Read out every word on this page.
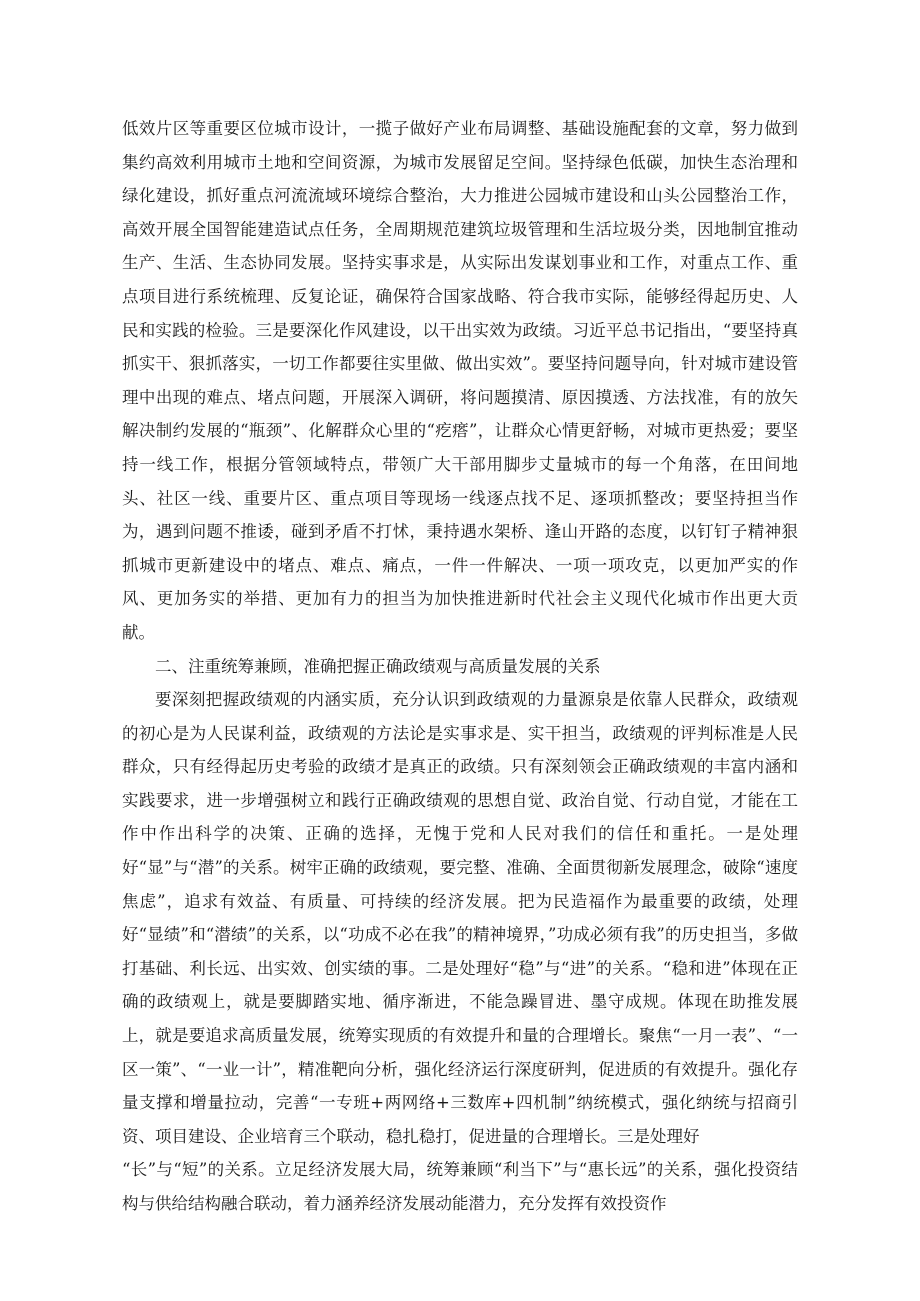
低效片区等重要区位城市设计，一揽子做好产业布局调整、基础设施配套的文章，努力做到集约高效利用城市土地和空间资源，为城市发展留足空间。坚持绿色低碳，加快生态治理和绿化建设，抓好重点河流流域环境综合整治，大力推进公园城市建设和山头公园整治工作，高效开展全国智能建造试点任务，全周期规范建筑垃圾管理和生活垃圾分类，因地制宜推动生产、生活、生态协同发展。坚持实事求是，从实际出发谋划事业和工作，对重点工作、重点项目进行系统梳理、反复论证，确保符合国家战略、符合我市实际，能够经得起历史、人民和实践的检验。三是要深化作风建设，以干出实效为政绩。习近平总书记指出，“要坚持真抓实干、狠抓落实，一切工作都要往实里做、做出实效”。要坚持问题导向，针对城市建设管理中出现的难点、堵点问题，开展深入调研，将问题摸清、原因摸透、方法找准，有的放矢解决制约发展的“瓶颈”、化解群众心里的“疙瘩”，让群众心情更舒畅，对城市更热爱；要坚持一线工作，根据分管领域特点，带领广大干部用脚步丈量城市的每一个角落，在田间地头、社区一线、重要片区、重点项目等现场一线逐点找不足、逐项抓整改；要坚持担当作为，遇到问题不推诿，碰到矛盾不打怵，秉持遇水架桥、逢山开路的态度，以钉钉子精神狠抓城市更新建设中的堵点、难点、痛点，一件一件解决、一项一项攻克，以更加严实的作风、更加务实的举措、更加有力的担当为加快推进新时代社会主义现代化城市作出更大贡献。

二、注重统筹兼顾，准确把握正确政绩观与高质量发展的关系

要深刻把握政绩观的内涵实质，充分认识到政绩观的力量源泉是依靠人民群众，政绩观的初心是为人民谋利益，政绩观的方法论是实事求是、实干担当，政绩观的评判标准是人民群众，只有经得起历史考验的政绩才是真正的政绩。只有深刻领会正确政绩观的丰富内涵和实践要求，进一步增强树立和践行正确政绩观的思想自觉、政治自觉、行动自觉，才能在工作中作出科学的决策、正确的选择，无愧于党和人民对我们的信任和重托。一是处理好“显”与“潜”的关系。树牢正确的政绩观，要完整、准确、全面贯彻新发展理念，破除“速度焦虑”，追求有效益、有质量、可持续的经济发展。把为民造福作为最重要的政绩，处理好“显绩”和“潜绩”的关系，以“功成不必在我”的精神境界，”功成必须有我”的历史担当，多做打基础、利长远、出实效、创实绩的事。二是处理好“稳”与“进”的关系。“稳和进”体现在正确的政绩观上，就是要脚踏实地、循序渐进，不能急躁冒进、墨守成规。体现在助推发展上，就是要追求高质量发展，统筹实现质的有效提升和量的合理增长。聚焦“一月一表”、“一区一策”、“一业一计”，精准靶向分析，强化经济运行深度研判，促进质的有效提升。强化存量支撑和增量拉动，完善“一专班+两网络+三数库+四机制”纳统模式，强化纳统与招商引资、项目建设、企业培育三个联动，稳扎稳打，促进量的合理增长。三是处理好

“长”与“短”的关系。立足经济发展大局，统筹兼顾“利当下”与“惠长远”的关系，强化投资结构与供给结构融合联动，着力涵养经济发展动能潜力，充分发挥有效投资作
